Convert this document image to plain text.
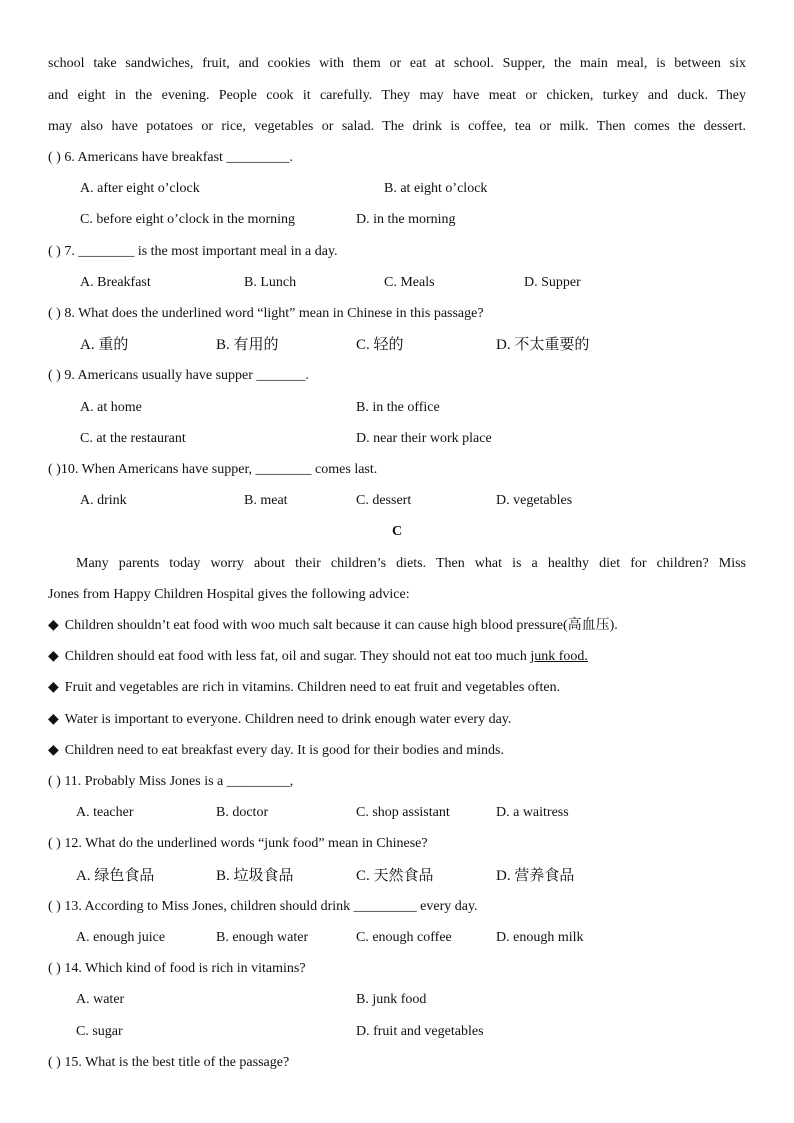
school take sandwiches, fruit, and cookies with them or eat at school. Supper, the main meal, is between six
and eight in the evening. People cook it carefully. They may have meat or chicken, turkey and duck. They
may also have potatoes or rice, vegetables or salad. The drink is coffee, tea or milk. Then comes the dessert.
( ) 6. Americans have breakfast _________.
A. after eight o’clock	B. at eight o’clock
C. before eight o’clock in the morning	D. in the morning
( ) 7. ________ is the most important meal in a day.
A. Breakfast	B. Lunch	C. Meals	D. Supper
( ) 8. What does the underlined word “light” mean in Chinese in this passage?
A. 重的	B. 有用的	C. 轻的	D. 不太重要的
( ) 9. Americans usually have supper _______.
A. at home	B. in the office
C. at the restaurant	D. near their work place
( )10. When Americans have supper, ________ comes last.
A. drink	B. meat	C. dessert	D. vegetables
C
Many parents today worry about their children’s diets. Then what is a healthy diet for children? Miss
Jones from Happy Children Hospital gives the following advice:
◆ Children shouldn’t eat food with woo much salt because it can cause high blood pressure(高血压).
◆ Children should eat food with less fat, oil and sugar. They should not eat too much junk food.
◆ Fruit and vegetables are rich in vitamins. Children need to eat fruit and vegetables often.
◆ Water is important to everyone. Children need to drink enough water every day.
◆ Children need to eat breakfast every day. It is good for their bodies and minds.
( ) 11. Probably Miss Jones is a _________,
A. teacher	B. doctor	C. shop assistant	D. a waitress
( ) 12. What do the underlined words “junk food” mean in Chinese?
A. 绿色食品	B. 垃圾食品	C. 天然食品	D. 营养食品
( ) 13. According to Miss Jones, children should drink _________ every day.
A. enough juice	B. enough water	C. enough coffee	D. enough milk
( ) 14. Which kind of food is rich in vitamins?
A. water	B. junk food
C. sugar	D. fruit and vegetables
( ) 15. What is the best title of the passage?
